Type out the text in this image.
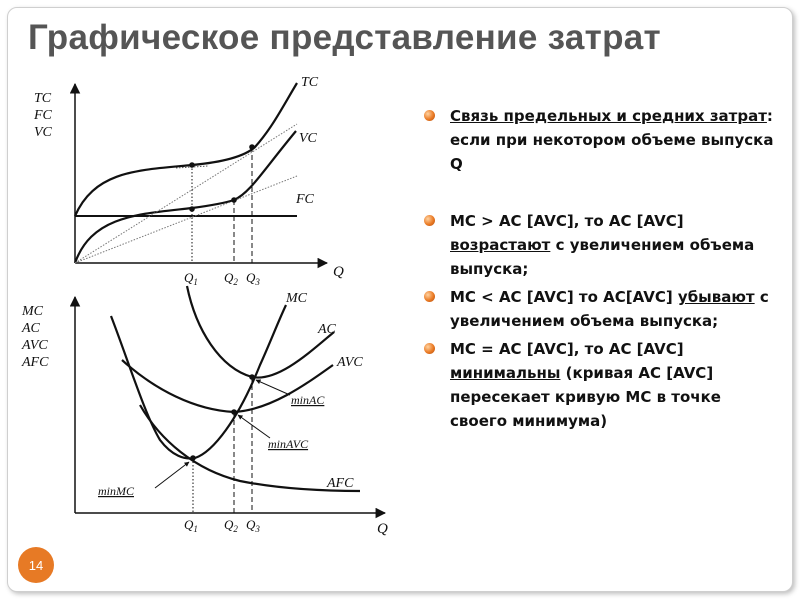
Графическое представление затрат
TC
FC
VC
TC
VC
FC
Q
$Q_1$ $Q_2$ $Q_3$
MC
AC
AVC
AFC
MC
AC
AVC
AFC
minAC
minAVC
minMC
Q
$Q_1$ $Q_2$ $Q_3$
Связь предельных и средних затрат: если при некотором объеме выпуска Q
MC > AC [AVC], то AC [AVC] возрастают с увеличением объема выпуска;
MC < AC [AVC] то AC[AVC] убывают с увеличением объема выпуска;
MC = AC [AVC], то AC [AVC] минимальны (кривая AC [AVC] пересекает кривую MC в точке своего минимума)
14
